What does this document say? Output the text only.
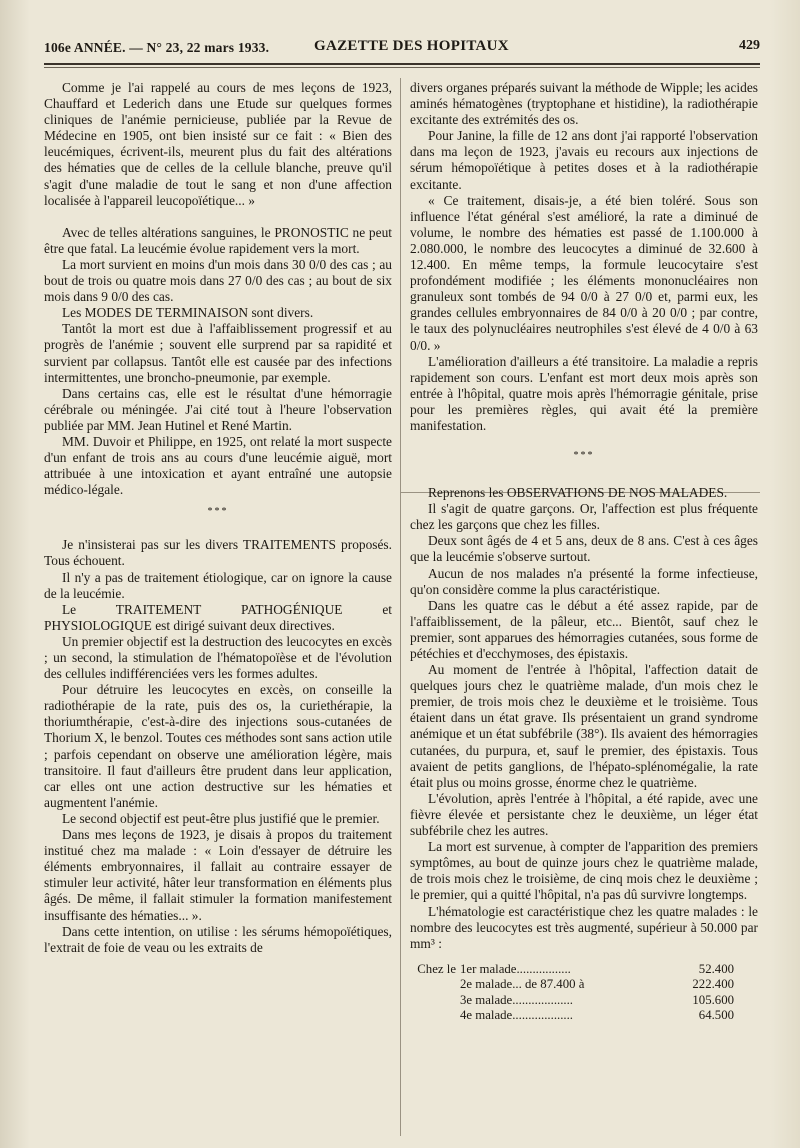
106e ANNÉE. — N° 23, 22 mars 1933.	GAZETTE DES HOPITAUX	429

Comme je l'ai rappelé au cours de mes leçons de 1923, Chauffard et Lederich dans une Etude sur quelques formes cliniques de l'anémie pernicieuse, publiée par la Revue de Médecine en 1905, ont bien insisté sur ce fait : « Bien des leucémiques, écrivent-ils, meurent plus du fait des altérations des hématies que de celles de la cellule blanche, preuve qu'il s'agit d'une maladie de tout le sang et non d'une affection localisée à l'appareil leucopoïétique... »

Avec de telles altérations sanguines, le PRONOSTIC ne peut être que fatal. La leucémie évolue rapidement vers la mort.

La mort survient en moins d'un mois dans 30 0/0 des cas ; au bout de trois ou quatre mois dans 27 0/0 des cas ; au bout de six mois dans 9 0/0 des cas.

Les MODES DE TERMINAISON sont divers.

Tantôt la mort est due à l'affaiblissement progressif et au progrès de l'anémie ; souvent elle surprend par sa rapidité et survient par collapsus. Tantôt elle est causée par des infections intermittentes, une broncho-pneumonie, par exemple.

Dans certains cas, elle est le résultat d'une hémorragie cérébrale ou méningée. J'ai cité tout à l'heure l'observation publiée par MM. Jean Hutinel et René Martin.

MM. Duvoir et Philippe, en 1925, ont relaté la mort suspecte d'un enfant de trois ans au cours d'une leucémie aiguë, mort attribuée à une intoxication et ayant entraîné une autopsie médico-légale.

***

Je n'insisterai pas sur les divers TRAITEMENTS proposés. Tous échouent.

Il n'y a pas de traitement étiologique, car on ignore la cause de la leucémie.

Le TRAITEMENT PATHOGÉNIQUE et PHYSIOLOGIQUE est dirigé suivant deux directives.

Un premier objectif est la destruction des leucocytes en excès ; un second, la stimulation de l'hématopoïèse et de l'évolution des cellules indifférenciées vers les formes adultes.

Pour détruire les leucocytes en excès, on conseille la radiothérapie de la rate, puis des os, la curiethérapie, la thoriumthérapie, c'est-à-dire des injections sous-cutanées de Thorium X, le benzol. Toutes ces méthodes sont sans action utile ; parfois cependant on observe une amélioration légère, mais transitoire. Il faut d'ailleurs être prudent dans leur application, car elles ont une action destructive sur les hématies et augmentent l'anémie.

Le second objectif est peut-être plus justifié que le premier.

Dans mes leçons de 1923, je disais à propos du traitement institué chez ma malade : « Loin d'essayer de détruire les éléments embryonnaires, il fallait au contraire essayer de stimuler leur activité, hâter leur transformation en éléments plus âgés. De même, il fallait stimuler la formation manifestement insuffisante des hématies... ».

Dans cette intention, on utilise : les sérums hémopoïétiques, l'extrait de foie de veau ou les extraits de

divers organes préparés suivant la méthode de Wipple; les acides aminés hématogènes (tryptophane et histidine), la radiothérapie excitante des extrémités des os.

Pour Janine, la fille de 12 ans dont j'ai rapporté l'observation dans ma leçon de 1923, j'avais eu recours aux injections de sérum hémopoïétique à petites doses et à la radiothérapie excitante.

« Ce traitement, disais-je, a été bien toléré. Sous son influence l'état général s'est amélioré, la rate a diminué de volume, le nombre des hématies est passé de 1.100.000 à 2.080.000, le nombre des leucocytes a diminué de 32.600 à 12.400. En même temps, la formule leucocytaire s'est profondément modifiée ; les éléments mononucléaires non granuleux sont tombés de 94 0/0 à 27 0/0 et, parmi eux, les grandes cellules embryonnaires de 84 0/0 à 20 0/0 ; par contre, le taux des polynucléaires neutrophiles s'est élevé de 4 0/0 à 63 0/0. »

L'amélioration d'ailleurs a été transitoire. La maladie a repris rapidement son cours. L'enfant est mort deux mois après son entrée à l'hôpital, quatre mois après l'hémorragie génitale, prise pour les premières règles, qui avait été la première manifestation.

***

Reprenons les OBSERVATIONS DE NOS MALADES.

Il s'agit de quatre garçons. Or, l'affection est plus fréquente chez les garçons que chez les filles.

Deux sont âgés de 4 et 5 ans, deux de 8 ans. C'est à ces âges que la leucémie s'observe surtout.

Aucun de nos malades n'a présenté la forme infectieuse, qu'on considère comme la plus caractéristique.

Dans les quatre cas le début a été assez rapide, par de l'affaiblissement, de la pâleur, etc... Bientôt, sauf chez le premier, sont apparues des hémorragies cutanées, sous forme de pétéchies et d'ecchymoses, des épistaxis.

Au moment de l'entrée à l'hôpital, l'affection datait de quelques jours chez le quatrième malade, d'un mois chez le premier, de trois mois chez le deuxième et le troisième. Tous étaient dans un état grave. Ils présentaient un grand syndrome anémique et un état subfébrile (38°). Ils avaient des hémorragies cutanées, du purpura, et, sauf le premier, des épistaxis. Tous avaient de petits ganglions, de l'hépato-splénomégalie, la rate était plus ou moins grosse, énorme chez le quatrième.

L'évolution, après l'entrée à l'hôpital, a été rapide, avec une fièvre élevée et persistante chez le deuxième, un léger état subfébrile chez les autres.

La mort est survenue, à compter de l'apparition des premiers symptômes, au bout de quinze jours chez le quatrième malade, de trois mois chez le troisième, de cinq mois chez le deuxième ; le premier, qui a quitté l'hôpital, n'a pas dû survivre longtemps.

L'hématologie est caractéristique chez les quatre malades : le nombre des leucocytes est très augmenté, supérieur à 50.000 par mm³ :

Chez le 1er malade.................	52.400
2e malade... de 87.400 à	222.400
3e malade...................	105.600
4e malade...................	64.500
